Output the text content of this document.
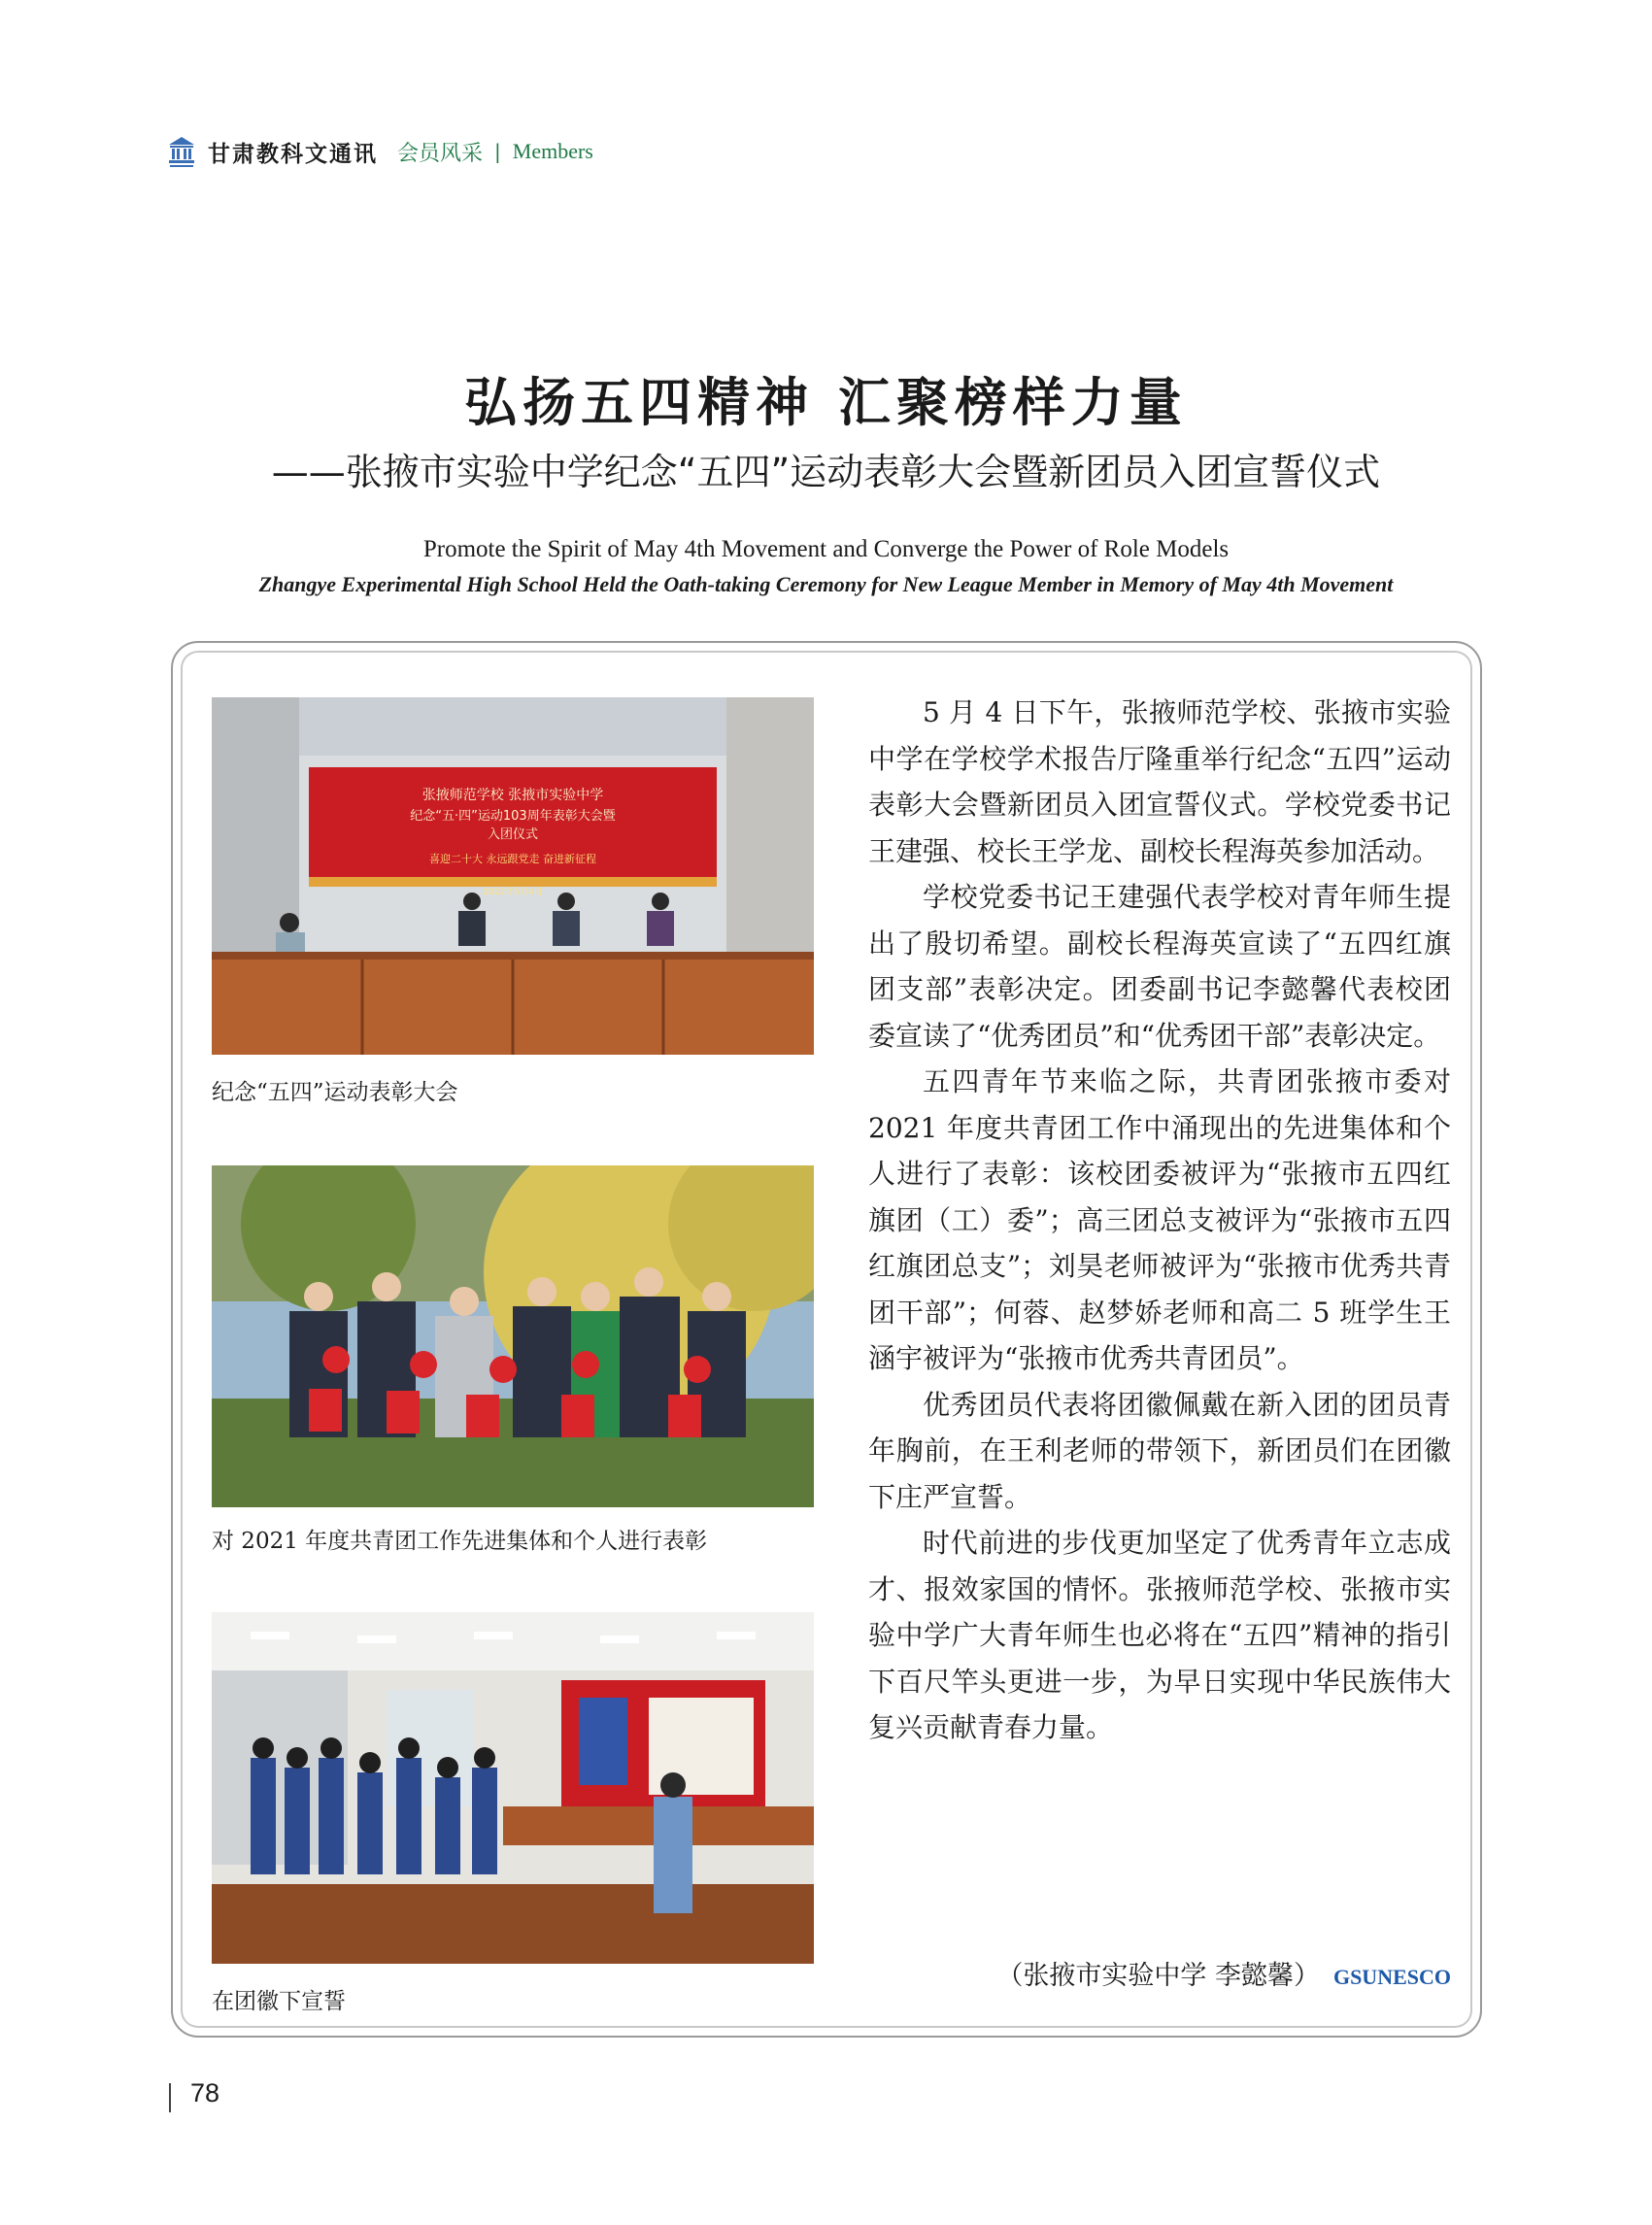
甘肃教科文通讯 会员风采 | Members
弘扬五四精神 汇聚榜样力量
——张掖市实验中学纪念“五四”运动表彰大会暨新团员入团宣誓仪式
Promote the Spirit of May 4th Movement and Converge the Power of Role Models
Zhangye Experimental High School Held the Oath-taking Ceremony for New League Member in Memory of May 4th Movement
张掖师范学校 张掖市实验中学
纪念“五·四”运动103周年表彰大会暨
入团仪式
喜迎二十大 永远跟党走 奋进新征程
2022年5月4日
纪念“五四”运动表彰大会
对 2021 年度共青团工作先进集体和个人进行表彰
在团徽下宣誓

5 月 4 日下午，张掖师范学校、张掖市实验中学在学校学术报告厅隆重举行纪念“五四”运动表彰大会暨新团员入团宣誓仪式。学校党委书记王建强、校长王学龙、副校长程海英参加活动。

学校党委书记王建强代表学校对青年师生提出了殷切希望。副校长程海英宣读了“五四红旗团支部”表彰决定。团委副书记李懿馨代表校团委宣读了“优秀团员”和“优秀团干部”表彰决定。

五四青年节来临之际，共青团张掖市委对 2021 年度共青团工作中涌现出的先进集体和个人进行了表彰：该校团委被评为“张掖市五四红旗团（工）委”；高三团总支被评为“张掖市五四红旗团总支”；刘昊老师被评为“张掖市优秀共青团干部”；何蓉、赵梦娇老师和高二 5 班学生王涵宇被评为“张掖市优秀共青团员”。

优秀团员代表将团徽佩戴在新入团的团员青年胸前，在王利老师的带领下，新团员们在团徽下庄严宣誓。

时代前进的步伐更加坚定了优秀青年立志成才、报效家国的情怀。张掖师范学校、张掖市实验中学广大青年师生也必将在“五四”精神的指引下百尺竿头更进一步，为早日实现中华民族伟大复兴贡献青春力量。

（张掖市实验中学 李懿馨） GSUNESCO
78
